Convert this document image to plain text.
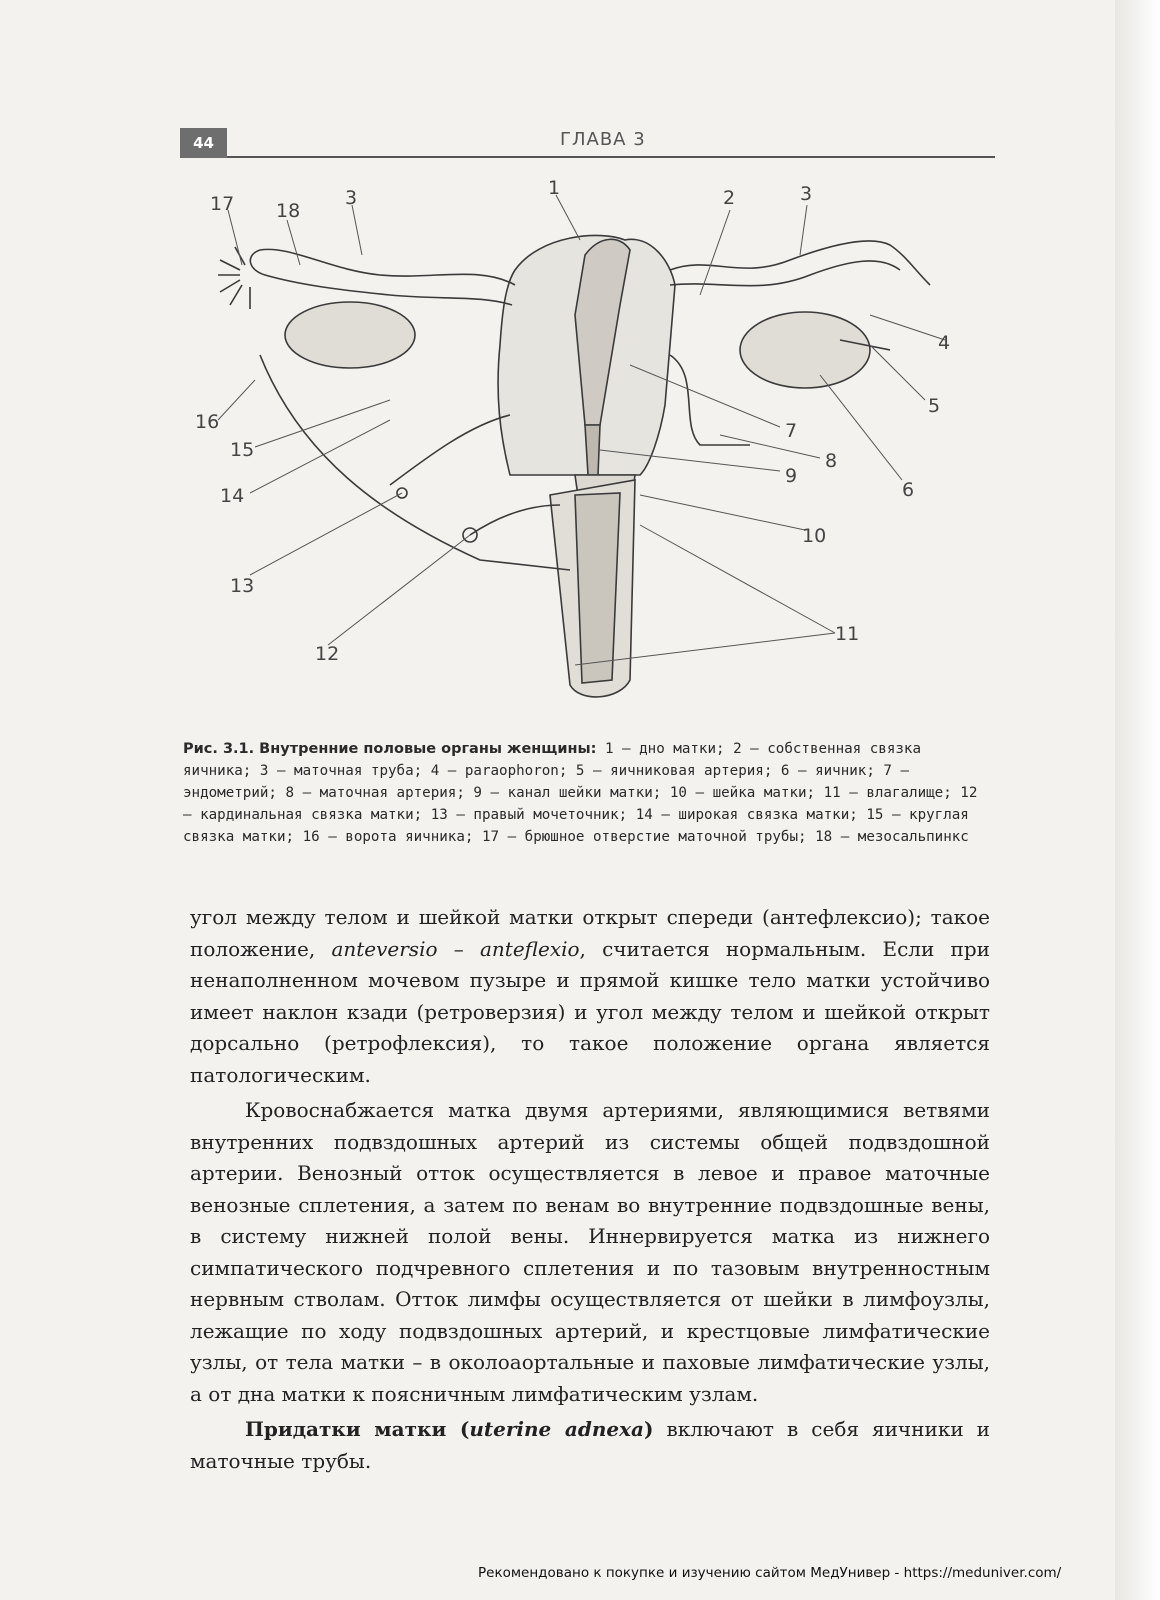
44	ГЛАВА 3
17 18
3	1	2	3
4
5
6
7
8
9
10
11
12
13
14
15
16

Рис. 3.1. Внутренние половые органы женщины: 1 – дно матки; 2 – собственная связка яичника; 3 – маточная труба; 4 – paraophoron; 5 – яичниковая артерия; 6 – яичник; 7 – эндометрий; 8 – маточная артерия; 9 – канал шейки матки; 10 – шейка матки; 11 – влагалище; 12 – кардинальная связка матки; 13 – правый мочеточник; 14 – широкая связка матки; 15 – круглая связка матки; 16 – ворота яичника; 17 – брюшное отверстие маточной трубы; 18 – мезосальпинкс

угол между телом и шейкой матки открыт спереди (антефлексио); такое положение, anteversio – anteflexio, считается нормальным. Если при ненаполненном мочевом пузыре и прямой кишке тело матки устойчиво имеет наклон кзади (ретроверзия) и угол между телом и шейкой открыт дорсально (ретрофлексия), то такое положение органа является патологическим.

Кровоснабжается матка двумя артериями, являющимися ветвями внутренних подвздошных артерий из системы общей подвздошной артерии. Венозный отток осуществляется в левое и правое маточные венозные сплетения, а затем по венам во внутренние подвздошные вены, в систему нижней полой вены. Иннервируется матка из нижнего симпатического подчревного сплетения и по тазовым внутренностным нервным стволам. Отток лимфы осуществляется от шейки в лимфоузлы, лежащие по ходу подвздошных артерий, и крестцовые лимфатические узлы, от тела матки – в околоаортальные и паховые лимфатические узлы, а от дна матки к поясничным лимфатическим узлам.

Придатки матки (uterine adnexa) включают в себя яичники и маточные трубы.

Рекомендовано к покупке и изучению сайтом МедУнивер - https://meduniver.com/
